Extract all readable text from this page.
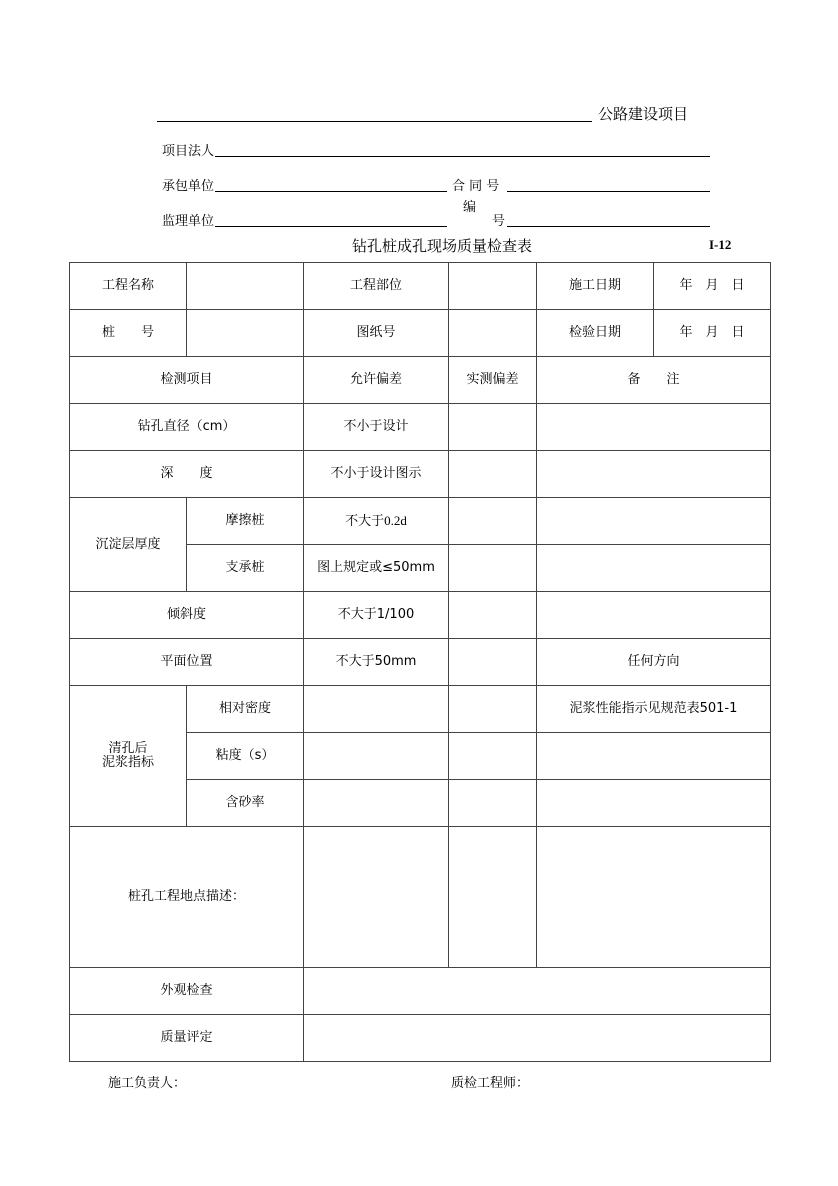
公路建设项目
项目法人
承包单位	合 同 号
监理单位
编
号
钻孔桩成孔现场质量检查表	I-12
工程名称		工程部位		施工日期	年　月　日
桩　　号		图纸号		检验日期	年　月　日
检测项目		允许偏差	实测偏差	备　　注	
钻孔直径（cm）		不小于设计			
深　　度		不小于设计图示			
沉淀层厚度	摩擦桩	不大于0.2d			
	支承桩	图上规定或≤50mm			
倾斜度		不大于1/100			
平面位置		不大于50mm		任何方向	

清孔后
泥浆指标	相对密度			泥浆性能指示见规范表501-1	
	粘度（s）				
	含砂率				
桩孔工程地点描述：					
外观检查					
质量评定					
施工负责人：	质检工程师：
